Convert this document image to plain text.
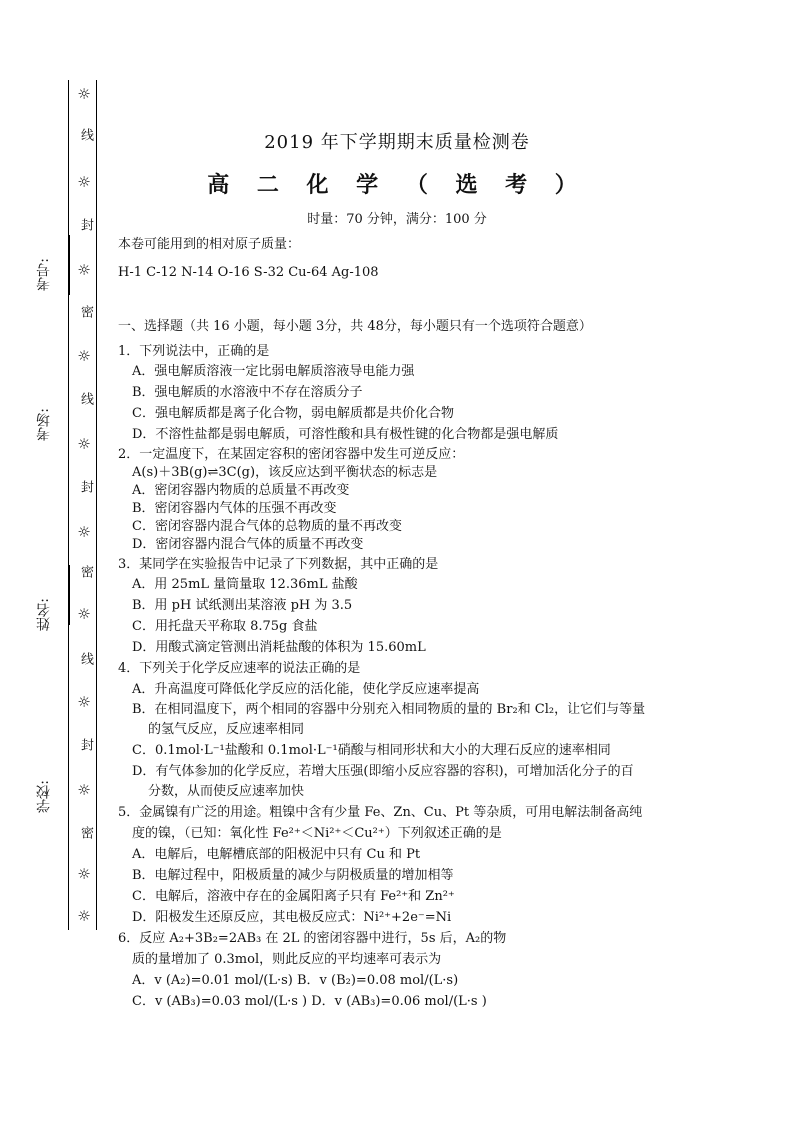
☼
线
☼
封
☼
密
☼
线
☼
封
☼
密
☼
线
☼
封
☼
密
☼
☼
考号:
考场:
姓名:
学校:
2019 年下学期期末质量检测卷
高 二 化 学 （ 选 考 ）
时量：70 分钟，满分：100 分
本卷可能用到的相对原子质量：
H-1 C-12 N-14 O-16 S-32 Cu-64 Ag-108
一、选择题（共 16 小题，每小题 3分，共 48分，每小题只有一个选项符合题意）
1．下列说法中，正确的是
A．强电解质溶液一定比弱电解质溶液导电能力强
B．强电解质的水溶液中不存在溶质分子
C．强电解质都是离子化合物，弱电解质都是共价化合物
D．不溶性盐都是弱电解质，可溶性酸和具有极性键的化合物都是强电解质
2．一定温度下，在某固定容积的密闭容器中发生可逆反应：
A(s)＋3B(g)⇌3C(g)，该反应达到平衡状态的标志是
A．密闭容器内物质的总质量不再改变
B．密闭容器内气体的压强不再改变
C．密闭容器内混合气体的总物质的量不再改变
D．密闭容器内混合气体的质量不再改变
3．某同学在实验报告中记录了下列数据，其中正确的是
A．用 25mL 量筒量取 12.36mL 盐酸
B．用 pH 试纸测出某溶液 pH 为 3.5
C．用托盘天平称取 8.75g 食盐
D．用酸式滴定管测出消耗盐酸的体积为 15.60mL
4．下列关于化学反应速率的说法正确的是
A．升高温度可降低化学反应的活化能，使化学反应速率提高
B．在相同温度下，两个相同的容器中分别充入相同物质的量的 Br₂和 Cl₂，让它们与等量
的氢气反应，反应速率相同
C．0.1mol·L⁻¹盐酸和 0.1mol·L⁻¹硝酸与相同形状和大小的大理石反应的速率相同
D．有气体参加的化学反应，若增大压强(即缩小反应容器的容积)，可增加活化分子的百
分数，从而使反应速率加快
5．金属镍有广泛的用途。粗镍中含有少量 Fe、Zn、Cu、Pt 等杂质，可用电解法制备高纯
度的镍，（已知：氧化性 Fe²⁺＜Ni²⁺＜Cu²⁺）下列叙述正确的是
A．电解后，电解槽底部的阳极泥中只有 Cu 和 Pt
B．电解过程中，阳极质量的减少与阴极质量的增加相等
C．电解后，溶液中存在的金属阳离子只有 Fe²⁺和 Zn²⁺
D．阳极发生还原反应，其电极反应式：Ni²⁺+2e⁻=Ni
6．反应 A₂+3B₂=2AB₃ 在 2L 的密闭容器中进行，5s 后，A₂的物
质的量增加了 0.3mol，则此反应的平均速率可表示为
A．v (A₂)=0.01 mol/(L·s) B．v (B₂)=0.08 mol/(L·s)
C．v (AB₃)=0.03 mol/(L·s ) D．v (AB₃)=0.06 mol/(L·s )
